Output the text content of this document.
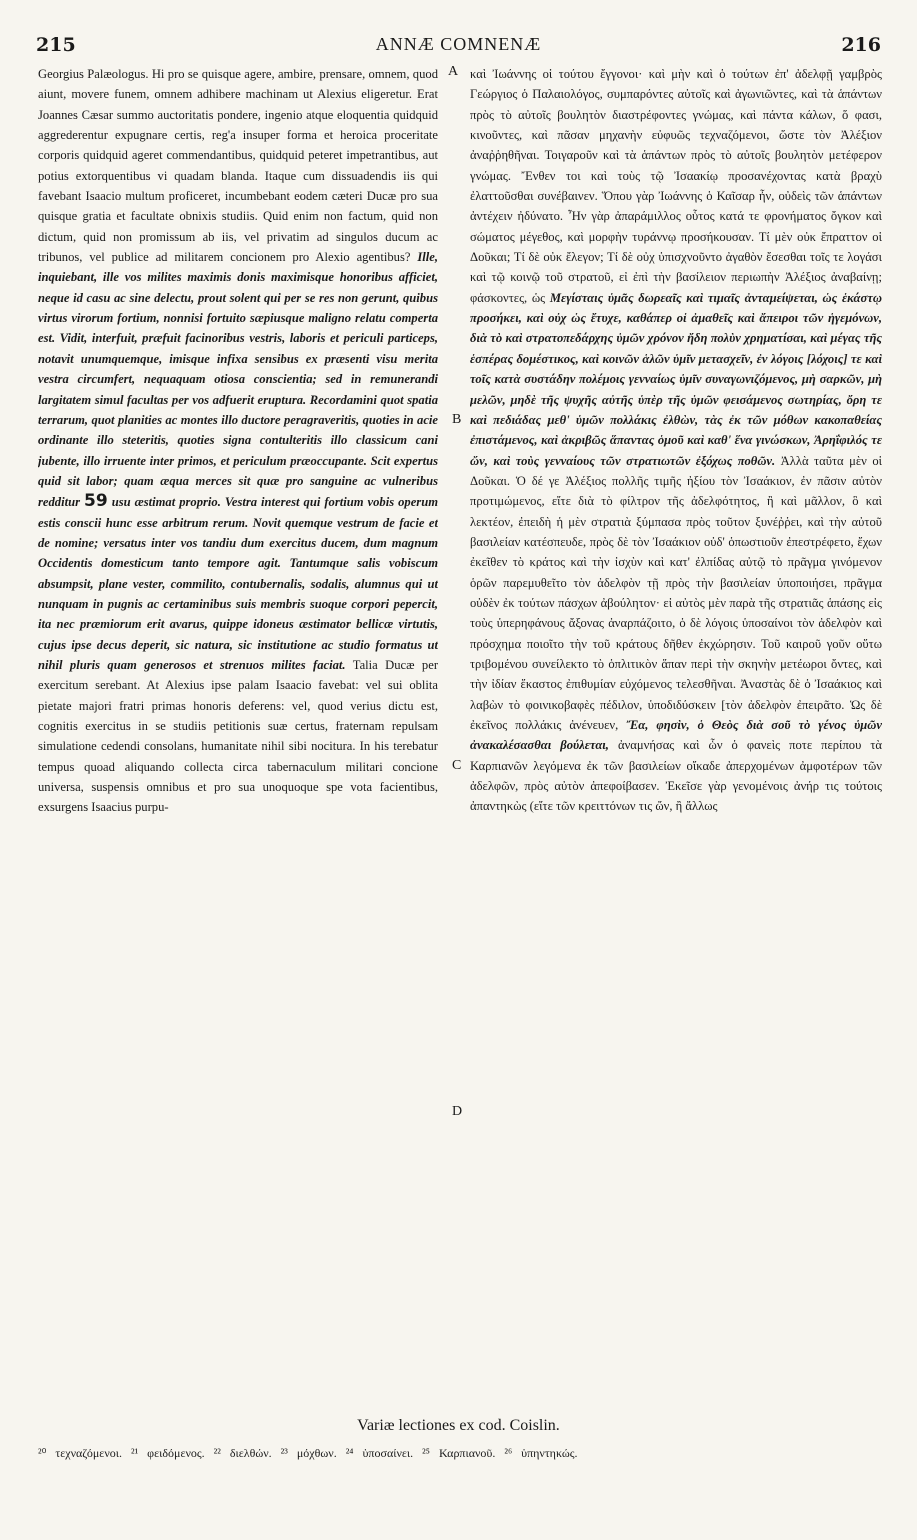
215	ANNÆ COMNENÆ	216

Georgius Palæologus. Hi pro se quisque agere, ambire, prensare, omnem, quod aiunt, movere funem, omnem adhibere machinam ut Alexius eligeretur. Erat Joannes Cæsar summo auctoritatis pondere, ingenio atque eloquentia quidquid aggrederentur expugnare certis, reg'a insuper forma et heroica proceritate corporis quidquid ageret commendantibus, quidquid peteret impetrantibus, aut potius extorquentibus vi quadam blanda. Itaque cum dissuadendis iis qui favebant Isaacio multum proficeret, incumbebant eodem cæteri Ducæ pro sua quisque gratia et facultate obnixis studiis. Quid enim non factum, quid non dictum, quid non promissum ab iis, vel privatim ad singulos ducum ac tribunos, vel publice ad militarem concionem pro Alexio agentibus? Ille, inquiebant, ille vos milites maximis donis maximisque honoribus afficiet, neque id casu ac sine delectu, prout solent qui per se res non gerunt, quibus virtus virorum fortium, nonnisi fortuito sæpiusque maligno relatu comperta est. Vidit, interfuit, præfuit facinoribus vestris, laboris et periculi particeps, notavit unumquemque, imisque infixa sensibus ex præsenti visu merita vestra circumfert, nequaquam otiosa conscientia; sed in remunerandi largitatem simul facultas per vos adfuerit eruptura. Recordamini quot spatia terrarum, quot planities ac montes illo ductore peragraveritis, quoties in acie ordinante illo steteritis, quoties signa contulteritis illo classicum cani jubente, illo irruente inter primos, et periculum præoccupante. Scit expertus quid sit labor; quam æqua merces sit quæ pro sanguine ac vulneribus redditur 59 usu æstimat proprio. Vestra interest qui fortium vobis operum estis conscii hunc esse arbitrum rerum. Novit quemque vestrum de facie et de nomine; versatus inter vos tandiu dum exercitus ducem, dum magnum Occidentis domesticum tanto tempore agit. Tantumque salis vobiscum absumpsit, plane vester, commilito, contubernalis, sodalis, alumnus qui ut nunquam in pugnis ac certaminibus suis membris suoque corpori pepercit, ita nec præmiorum erit avarus, quippe idoneus æstimator bellicæ virtutis, cujus ipse decus deperit, sic natura, sic institutione ac studio formatus ut nihil pluris quam generosos et strenuos milites faciat. Talia Ducæ per exercitum serebant. At Alexius ipse palam Isaacio favebat: vel sui oblita pietate majori fratri primas honoris deferens: vel, quod verius dictu est, cognitis exercitus in se studiis petitionis suæ certus, fraternam repulsam simulatione cedendi consolans, humanitate nihil sibi nocitura. In his terebatur tempus quoad aliquando collecta circa tabernaculum militari concione universa, suspensis omnibus et pro sua unoquoque spe vota facientibus, exsurgens Isaacius purpu-

A
B
C
D

καὶ Ἰωάννης οἱ τούτου ἔγγονοι· καὶ μὴν καὶ ὁ τούτων ἐπ' ἀδελφῇ γαμβρὸς Γεώργιος ὁ Παλαιολόγος, συμπαρόντες αὐτοῖς καὶ ἀγωνιῶντες, καὶ τὰ ἁπάντων πρὸς τὸ αὐτοῖς βουλητὸν διαστρέφοντες γνώμας, καὶ πάντα κάλων, ὅ φασι, κινοῦντες, καὶ πᾶσαν μηχανὴν εὐφυῶς τεχναζόμενοι, ὥστε τὸν Ἀλέξιον ἀναῤῥηθῆναι. Τοιγαροῦν καὶ τὰ ἁπάντων πρὸς τὸ αὐτοῖς βουλητὸν μετέφερον γνώμας. Ἔνθεν τοι καὶ τοὺς τῷ Ἰσαακίῳ προσανέχοντας κατὰ βραχὺ ἐλαττοῦσθαι συνέβαινεν. Ὅπου γὰρ Ἰωάννης ὁ Καῖσαρ ἦν, οὐδεὶς τῶν ἁπάντων ἀντέχειν ἠδύνατο. Ἦν γὰρ ἀπαράμιλλος οὗτος κατά τε φρονήματος ὄγκον καὶ σώματος μέγεθος, καὶ μορφὴν τυράννῳ προσήκουσαν. Τί μὲν οὐκ ἔπραττον οἱ Δοῦκαι; Τί δὲ οὐκ ἔλεγον; Τί δὲ οὐχ ὑπισχνοῦντο ἀγαθὸν ἔσεσθαι τοῖς τε λογάσι καὶ τῷ κοινῷ τοῦ στρατοῦ, εἰ ἐπὶ τὴν βασίλειον περιωπὴν Ἀλέξιος ἀναβαίνῃ; φάσκοντες, ὡς Μεγίσταις ὑμᾶς δωρεαῖς καὶ τιμαῖς ἀνταμείψεται, ὡς ἑκάστῳ προσήκει, καὶ οὐχ ὡς ἔτυχε, καθάπερ οἱ ἀμαθεῖς καὶ ἄπειροι τῶν ἡγεμόνων, διὰ τὸ καὶ στρατοπεδάρχης ὑμῶν χρόνον ἤδη πολὺν χρηματίσαι, καὶ μέγας τῆς ἑσπέρας δομέστικος, καὶ κοινῶν ἁλῶν ὑμῖν μετασχεῖν, ἐν λόγοις [λόχοις] τε καὶ τοῖς κατὰ συστάδην πολέμοις γενναίως ὑμῖν συναγωνιζόμενος, μὴ σαρκῶν, μὴ μελῶν, μηδὲ τῆς ψυχῆς αὐτῆς ὑπὲρ τῆς ὑμῶν φεισάμενος σωτηρίας, ὄρη τε καὶ πεδιάδας μεθ' ὑμῶν πολλάκις ἐλθὼν, τὰς ἐκ τῶν μόθων κακοπαθείας ἐπιστάμενος, καὶ ἀκριβῶς ἅπαντας ὁμοῦ καὶ καθ' ἕνα γινώσκων, Ἀρηΐφιλός τε ὤν, καὶ τοὺς γενναίους τῶν στρατιωτῶν ἐξόχως ποθῶν. Ἀλλὰ ταῦτα μὲν οἱ Δοῦκαι. Ὁ δέ γε Ἀλέξιος πολλῆς τιμῆς ἠξίου τὸν Ἰσαάκιον, ἐν πᾶσιν αὐτὸν προτιμώμενος, εἴτε διὰ τὸ φίλτρον τῆς ἀδελφότητος, ἢ καὶ μᾶλλον, ὃ καὶ λεκτέον, ἐπειδὴ ἡ μὲν στρατιὰ ξύμπασα πρὸς τοῦτον ξυνέῤῥει, καὶ τὴν αὐτοῦ βασιλείαν κατέσπευδε, πρὸς δὲ τὸν Ἰσαάκιον οὐδ' ὁπωστιοῦν ἐπεστρέφετο, ἔχων ἐκεῖθεν τὸ κράτος καὶ τὴν ἰσχὺν καὶ κατ' ἐλπίδας αὐτῷ τὸ πρᾶγμα γινόμενον ὁρῶν παρεμυθεῖτο τὸν ἀδελφὸν τῇ πρὸς τὴν βασιλείαν ὑποποιήσει, πρᾶγμα οὐδὲν ἐκ τούτων πάσχων ἀβούλητον· εἰ αὐτὸς μὲν παρὰ τῆς στρατιᾶς ἁπάσης εἰς τοὺς ὑπερηφάνους ἄξονας ἀναρπάζοιτο, ὁ δὲ λόγοις ὑποσαίνοι τὸν ἀδελφὸν καὶ πρόσχημα ποιοῖτο τὴν τοῦ κράτους δῆθεν ἐκχώρησιν. Τοῦ καιροῦ γοῦν οὕτω τριβομένου συνείλεκτο τὸ ὁπλιτικὸν ἅπαν περὶ τὴν σκηνὴν μετέωροι ὄντες, καὶ τὴν ἰδίαν ἕκαστος ἐπιθυμίαν εὐχόμενος τελεσθῆναι. Ἀναστὰς δὲ ὁ Ἰσαάκιος καὶ λαβὼν τὸ φοινικοβαφὲς πέδιλον, ὑποδιδύσκειν [τὸν ἀδελφὸν ἐπειρᾶτο. Ὡς δὲ ἐκεῖνος πολλάκις ἀνένευεν, Ἔα, φησὶν, ὁ Θεὸς διὰ σοῦ τὸ γένος ὑμῶν ἀνακαλέσασθαι βούλεται, ἀναμνήσας καὶ ὧν ὁ φανεὶς ποτε περίπου τὰ Καρπιανῶν λεγόμενα ἐκ τῶν βασιλείων οἴκαδε ἀπερχομένων ἀμφοτέρων τῶν ἀδελφῶν, πρὸς αὐτὸν ἀπεφοίβασεν. Ἐκεῖσε γὰρ γενομένοις ἀνήρ τις τούτοις ἀπαντηκὼς (εἴτε τῶν κρειττόνων τις ὤν, ἢ ἄλλως

Variæ lectiones ex cod. Coislin.
²⁰ τεχναζόμενοι. ²¹ φειδόμενος. ²² διελθών. ²³ μόχθων. ²⁴ ὑποσαίνει. ²⁵ Καρπιανοῦ. ²⁶ ὑπηντηκώς.
